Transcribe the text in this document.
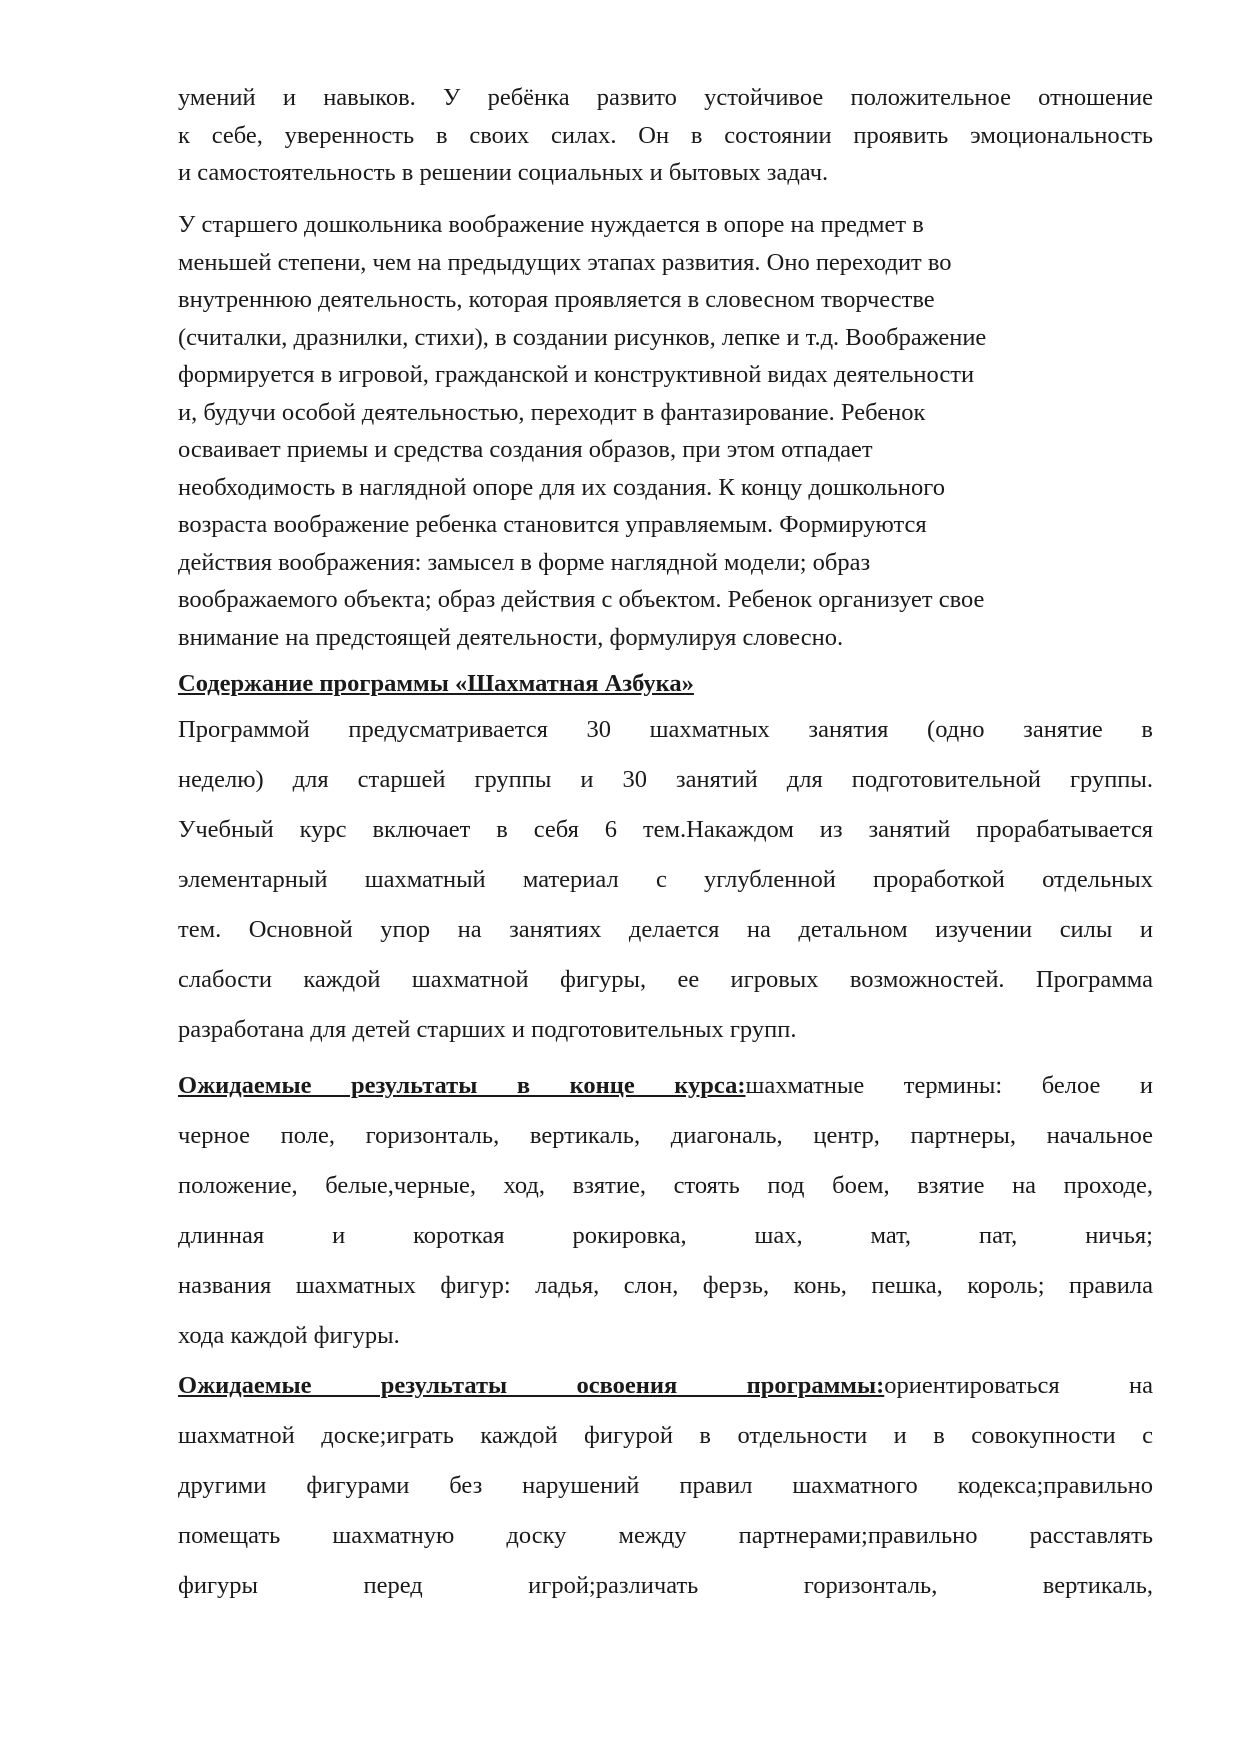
умений и навыков. У ребёнка развито устойчивое положительное отношение
к себе, уверенность в своих силах. Он в состоянии проявить эмоциональность
и самостоятельность в решении социальных и бытовых задач.
У старшего дошкольника воображение нуждается в опоре на предмет в
меньшей степени, чем на предыдущих этапах развития. Оно переходит во
внутреннюю деятельность, которая проявляется в словесном творчестве
(считалки, дразнилки, стихи), в создании рисунков, лепке и т.д. Воображение
формируется в игровой, гражданской и конструктивной видах деятельности
и, будучи особой деятельностью, переходит в фантазирование. Ребенок
осваивает приемы и средства создания образов, при этом отпадает
необходимость в наглядной опоре для их создания. К концу дошкольного
возраста воображение ребенка становится управляемым. Формируются
действия воображения: замысел в форме наглядной модели; образ
воображаемого объекта; образ действия с объектом. Ребенок организует свое
внимание на предстоящей деятельности, формулируя словесно.
Содержание программы «Шахматная Азбука»
Программой предусматривается 30 шахматных занятия (одно занятие в
неделю) для старшей группы и 30 занятий для подготовительной группы.
Учебный курс включает в себя 6 тем.Накаждом из занятий прорабатывается
элементарный шахматный материал с углубленной проработкой отдельных
тем. Основной упор на занятиях делается на детальном изучении силы и
слабости каждой шахматной фигуры, ее игровых возможностей. Программа
разработана для детей старших и подготовительных групп.
Ожидаемые результаты в конце курса:шахматные термины: белое и
черное поле, горизонталь, вертикаль, диагональ, центр, партнеры, начальное
положение, белые,черные, ход, взятие, стоять под боем, взятие на проходе,
длинная и короткая рокировка, шах, мат, пат, ничья;
названия шахматных фигур: ладья, слон, ферзь, конь, пешка, король; правила
хода каждой фигуры.
Ожидаемые результаты освоения программы:ориентироваться на
шахматной доске;играть каждой фигурой в отдельности и в совокупности с
другими фигурами без нарушений правил шахматного кодекса;правильно
помещать шахматную доску между партнерами;правильно расставлять
фигуры перед игрой;различать горизонталь, вертикаль,
